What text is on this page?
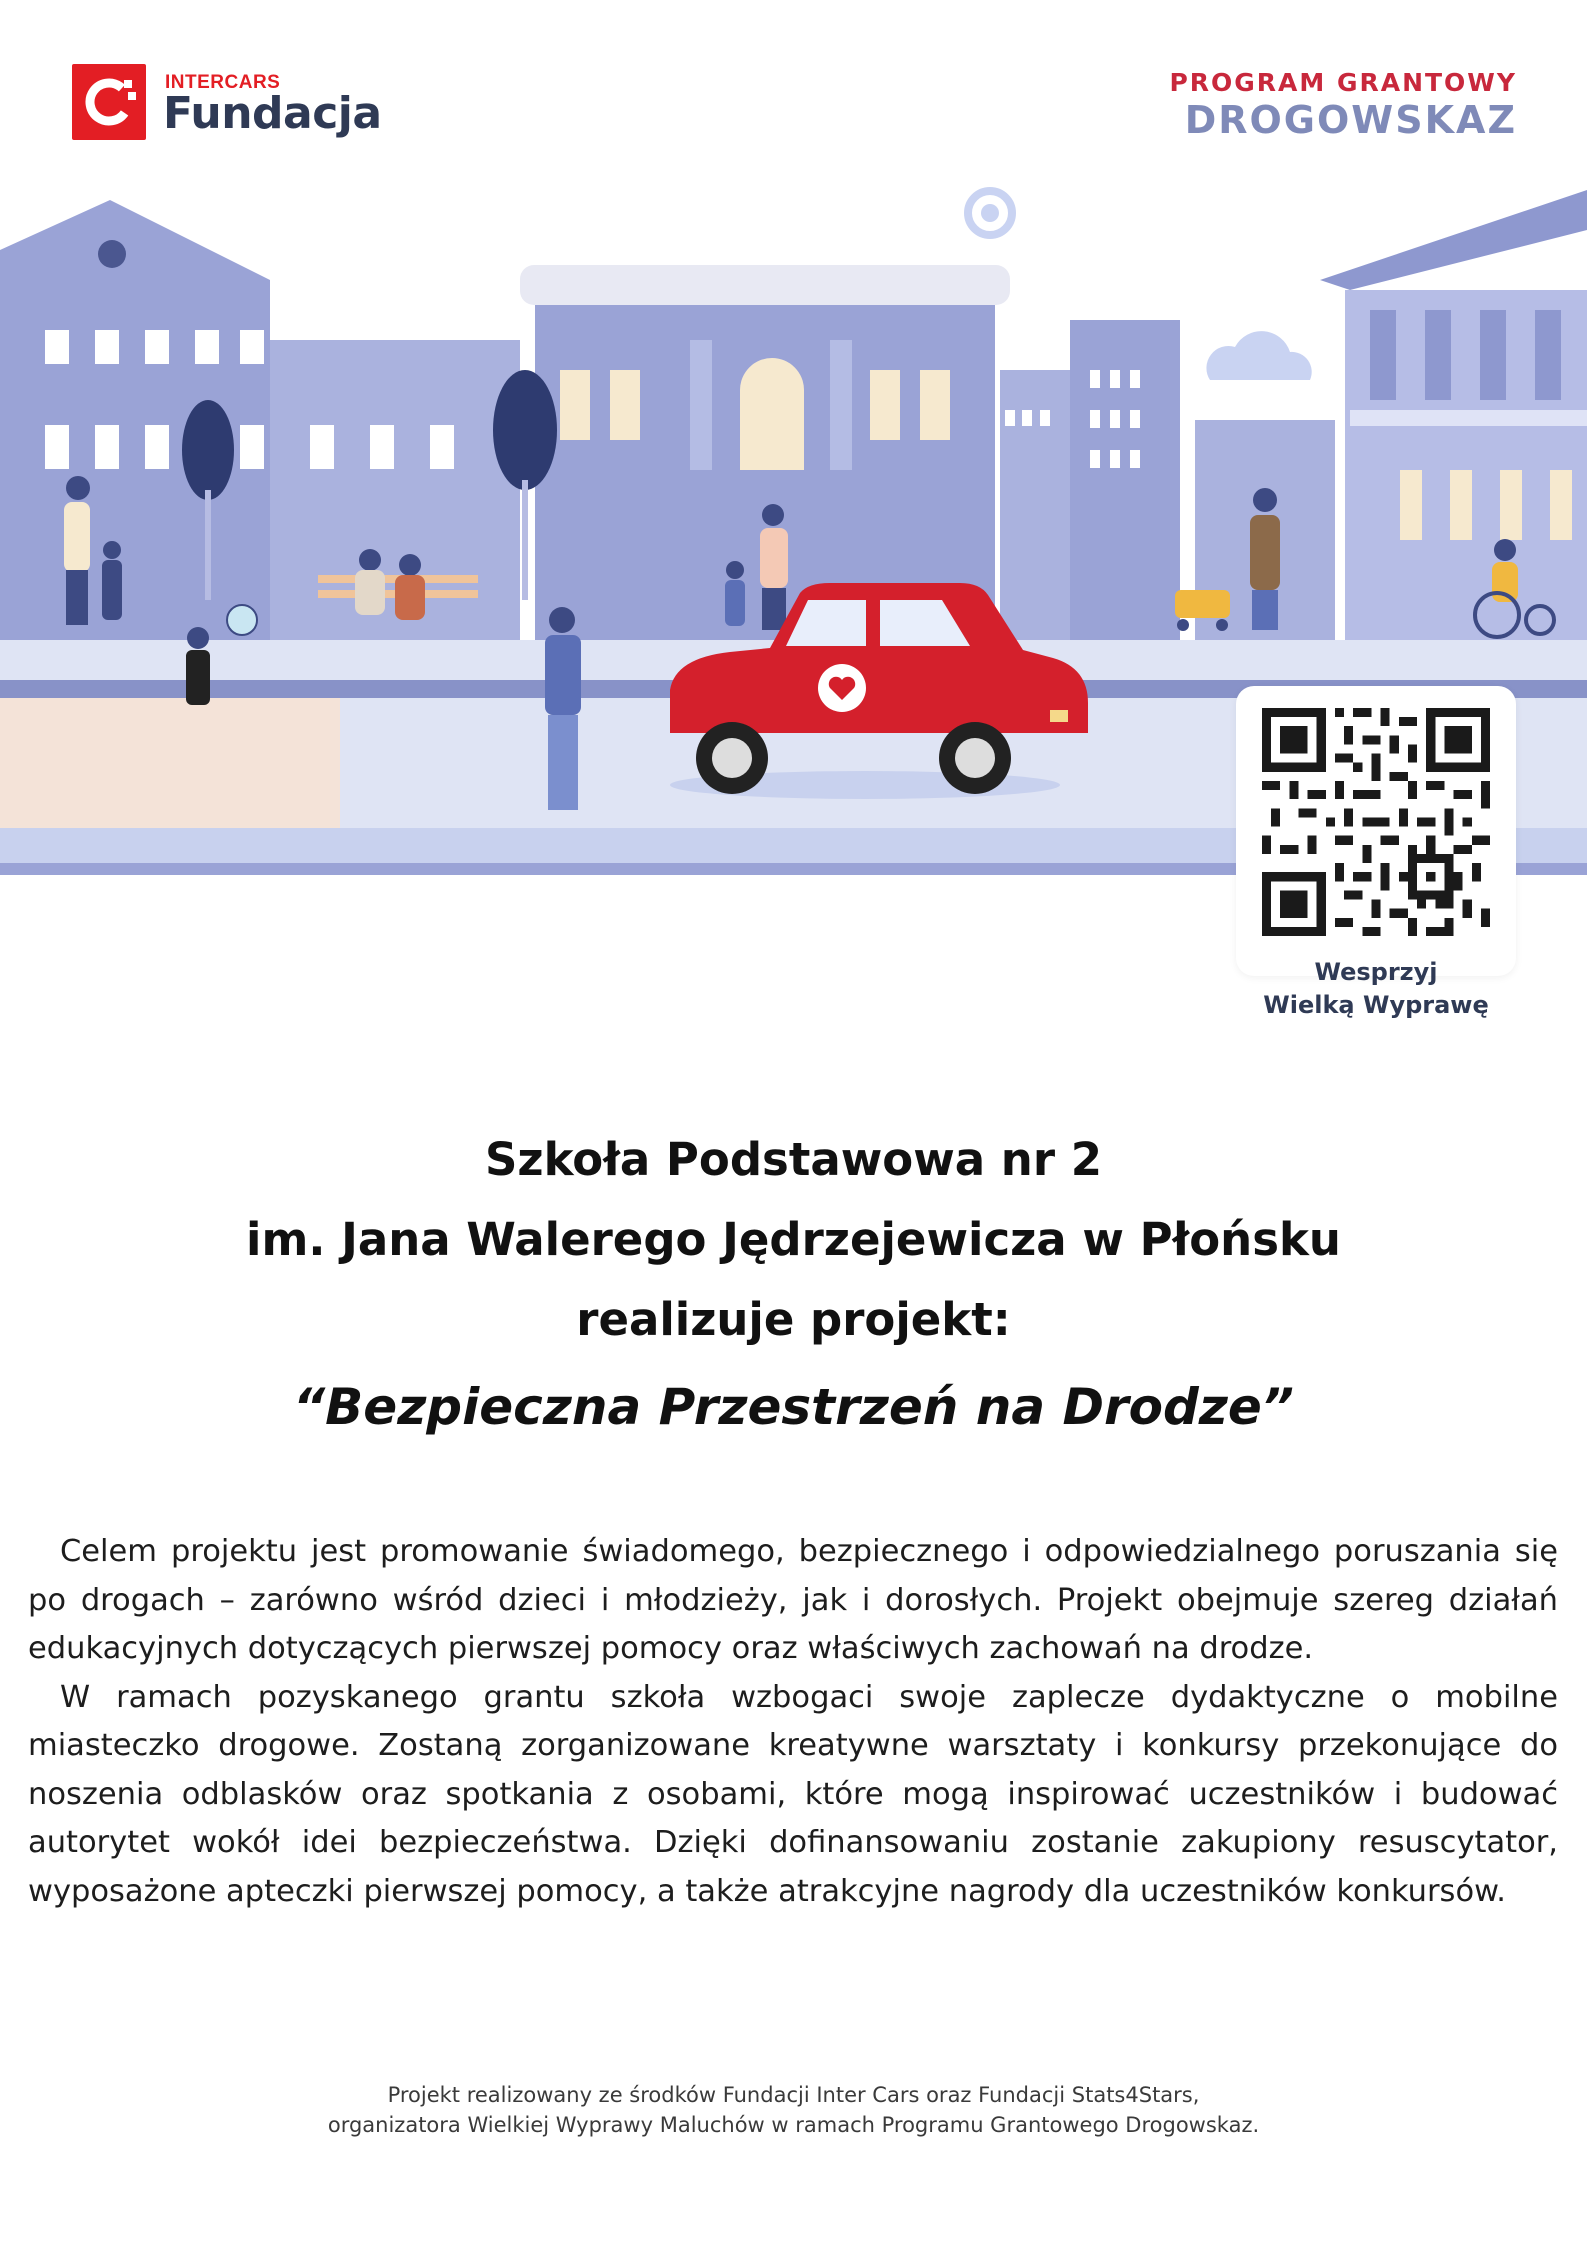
INTERCARS
Fundacja
PROGRAM GRANTOWY
DROGOWSKAZ
Wesprzyj
Wielką Wyprawę
Szkoła Podstawowa nr 2
im. Jana Walerego Jędrzejewicza w Płońsku
realizuje projekt:
“Bezpieczna Przestrzeń na Drodze”

Celem projektu jest promowanie świadomego, bezpiecznego i odpowiedzialnego poruszania się po drogach – zarówno wśród dzieci i młodzieży, jak i dorosłych. Projekt obejmuje szereg działań edukacyjnych dotyczących pierwszej pomocy oraz właściwych zachowań na drodze.

W ramach pozyskanego grantu szkoła wzbogaci swoje zaplecze dydaktyczne o mobilne miasteczko drogowe. Zostaną zorganizowane kreatywne warsztaty i konkursy przekonujące do noszenia odblasków oraz spotkania z osobami, które mogą inspirować uczestników i budować autorytet wokół idei bezpieczeństwa. Dzięki dofinansowaniu zostanie zakupiony resuscytator, wyposażone apteczki pierwszej pomocy, a także atrakcyjne nagrody dla uczestników konkursów.

Projekt realizowany ze środków Fundacji Inter Cars oraz Fundacji Stats4Stars,
organizatora Wielkiej Wyprawy Maluchów w ramach Programu Grantowego Drogowskaz.
